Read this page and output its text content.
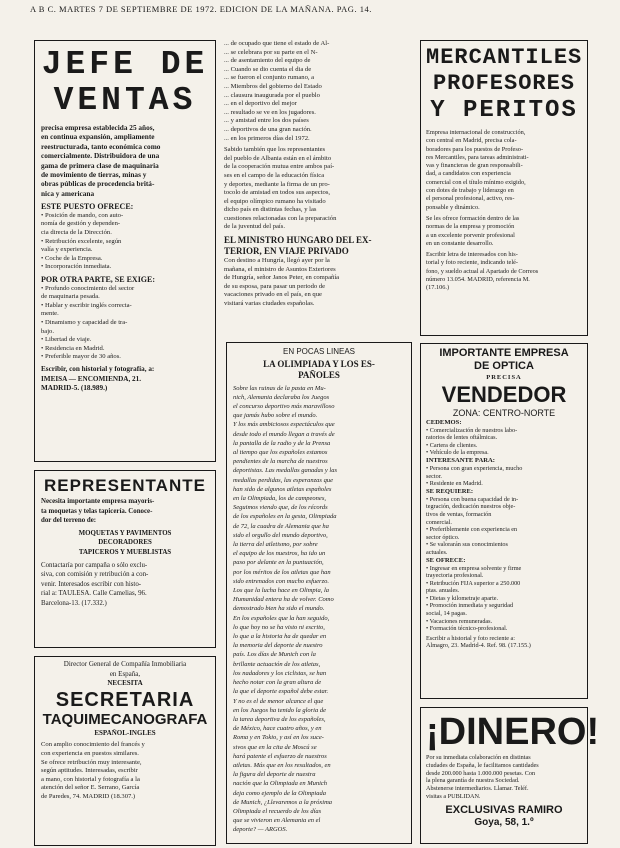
A B C. MARTES 7 DE SEPTIEMBRE DE 1972. EDICION DE LA MAÑANA. PAG. 14.
JEFE DE
VENTAS
precisa empresa establecida 25 años,
en continua expansión, ampliamente
reestructurada, tanto económica como
comercialmente. Distribuidora de una
gama de primera clase de maquinaria
de movimiento de tierras, minas y
obras públicas de procedencia britá-
nica y americana
ESTE PUESTO OFRECE:
• Posición de mando, con auto-
nomía de gestión y dependen-
cia directa de la Dirección.
• Retribución excelente, según
valía y experiencia.
• Coche de la Empresa.
• Incorporación inmediata.
POR OTRA PARTE, SE EXIGE:
• Profundo conocimiento del sector
de maquinaria pesada.
• Hablar y escribir inglés correcta-
mente.
• Dinamismo y capacidad de tra-
bajo.
• Libertad de viaje.
• Residencia en Madrid.
• Preferible mayor de 30 años.
Escribir, con historial y fotografía, a:
IMEISA — ENCOMIENDA, 21.
MADRID-5. (18.989.)
REPRESENTANTE
Necesita importante empresa mayoris-
ta moquetas y telas tapicería. Conoce-
dor del terreno de:
MOQUETAS Y PAVIMENTOS
DECORADORES
TAPICEROS Y MUEBLISTAS
Contactaría por campaña o sólo exclu-
siva, con comisión y retribución a con-
venir. Interesados escribir con histo-
rial a: TAULESA. Calle Camelias, 96.
Barcelona-13. (17.332.)
Director General de Compañía Inmobiliaria
en España,
NECESITA
SECRETARIA
TAQUIMECANOGRAFA
ESPAÑOL-INGLES
Con amplio conocimiento del francés y
con experiencia en puestos similares.
Se ofrece retribución muy interesante,
según aptitudes. Interesadas, escribir
a mano, con historial y fotografía a la
atención del señor E. Serrano, García
de Paredes, 74. MADRID (18.307.)
... de ocupado que tiene el estado de Al-
... se celebrara por su parte en el N-
... de asentamiento del equipo de
... Cuando se dio cuenta el dia de
... se fueron el conjunto rumano, a
... Miembros del gobierno del Estado
... clausura inaugurada por el pueblo
... en el deportivo del mejor
... resultado se ve en los jugadores.
... y amistad entre los dos países
... deportivos de una gran nación.
... en los primeros días del 1972.
Sabido también que los representantes
del pueblo de Albania están en el ámbito
de la cooperación mutua entre ambos paí-
ses en el campo de la educación física
y deportes, mediante la firma de un pro-
tocolo de amistad en todos sus aspectos,
el equipo olímpico rumano ha visitado
dicho país en distintas fechas, y las
cuestiones relacionadas con la preparación
de la juventud del país.
EL MINISTRO HUNGARO DEL EX-
TERIOR, EN VIAJE PRIVADO
Con destino a Hungría, llegó ayer por la
mañana, el ministro de Asuntos Exteriores
de Hungría, señor Janos Peter, en compañía
de su esposa, para pasar un periodo de
vacaciones privado en el país, en que
visitará varias ciudades españolas.
EN POCAS LINEAS
LA OLIMPIADA Y LOS ES-
PAÑOLES
Sobre las ruinas de la pasta en Mu-
nich, Alemania declaraba los Juegos
el concurso deportivo más maravilloso
que jamás hubo sobre el mundo.
Y los más ambiciosos espectáculos que
desde todo el mundo llegan a través de
la pantalla de la radio y de la Prensa
al tiempo que los españoles estamos
pendientes de la marcha de nuestros
deportistas. Las medallas ganadas y las
medallas perdidas, las esperanzas que
han sido de algunos atletas españoles
en la Olimpiada, los de campeones,
Seguimos viendo que, de los récords
de los españoles en la gesta, Olimpiada
de 72, la cuadra de Alemania que ha
sido el orgullo del mundo deportivo,
la tierra del atletismo, por sobre
el equipo de los nuestros, ha ido un
paso por delante en la puntuación,
por los méritos de los atletas que han
sido entrenados con mucho esfuerzo.
Los que la lucha hace en Olimpia, la
Humanidad entera ha de volver. Como
demostrado bien ha sido el mundo.
En los españoles que la han seguido,
lo que hoy no se ha visto ni escrito,
lo que a la historia ha de quedar en
la memoria del deporte de nuestro
país. Los días de Munich con la
brillante actuación de los atletas,
los nadadores y los ciclistas, se han
hecho notar con la gran altura de
la que el deporte español debe estar.
Y no es el de menor alcance el que
en los Juegos ha tenido la gloria de
la tarea deportiva de los españoles,
de México, hace cuatro años, y en
Roma y en Tokio, y así en los suce-
sivos que en la cita de Moscú se
hará patente el esfuerzo de nuestros
atletas. Más que en los resultados, en
la figura del deporte de nuestra
nación que la Olimpiada en Munich
deja como ejemplo de la Olimpiada
de Munich, ¿Llevaremos a la próxima
Olimpiada el recuerdo de los días
que se vivieron en Alemania en el
deporte? — ARGOS.
MERCANTILES
PROFESORES
Y PERITOS
Empresa internacional de construcción,
con central en Madrid, precisa cola-
boradores para los puestos de Profeso-
res Mercantiles, para tareas administrati-
vas y financieras de gran responsabili-
dad, a candidatos con experiencia
comercial con el título mínimo exigido,
con dotes de trabajo y liderazgo en
el personal profesional, activo, res-
ponsable y dinámico.
Se les ofrece formación dentro de las
normas de la empresa y promoción
a un excelente porvenir profesional
en un constante desarrollo.
Escribir letra de interesados con his-
torial y foto reciente, indicando telé-
fono, y sueldo actual al Apartado de Correos
número 13.054. MADRID, referencia M.
(17.106.)
IMPORTANTE EMPRESA
DE OPTICA
PRECISA
VENDEDOR
ZONA: CENTRO-NORTE
CEDEMOS:
• Comercialización de nuestros labo-
ratorios de lentes oftálmicas.
• Cartera de clientes.
• Vehículo de la empresa.
INTERESANTE PARA:
• Persona con gran experiencia, mucho
sector.
• Residente en Madrid.
SE REQUIERE:
• Persona con buena capacidad de in-
tegración, dedicación nuestros obje-
tivos de ventas, formación
comercial.
• Preferiblemente con experiencia en
sector óptico.
• Se valorarán sus conocimientos
actuales.
SE OFRECE:
• Ingresar en empresa solvente y firme
trayectoria profesional.
• Retribución FIJA superior a 250.000
ptas. anuales.
• Dietas y kilometraje aparte.
• Promoción inmediata y seguridad
social, 14 pagas.
• Vacaciones remuneradas.
• Formación técnico-profesional.
Escribir a historial y foto reciente a:
Almagro, 23. Madrid-4. Ref. 98. (17.155.)
¡DINERO!
Por su inmediata colaboración en distintas
ciudades de España, le facilitamos cantidades
desde 200.000 hasta 1.000.000 pesetas. Con
la plena garantía de nuestra Sociedad.
Abstenerse intermediarios. Llamar. Teléf.
visitas a PUBLIDAN.
EXCLUSIVAS RAMIRO
Goya, 58, 1.º
